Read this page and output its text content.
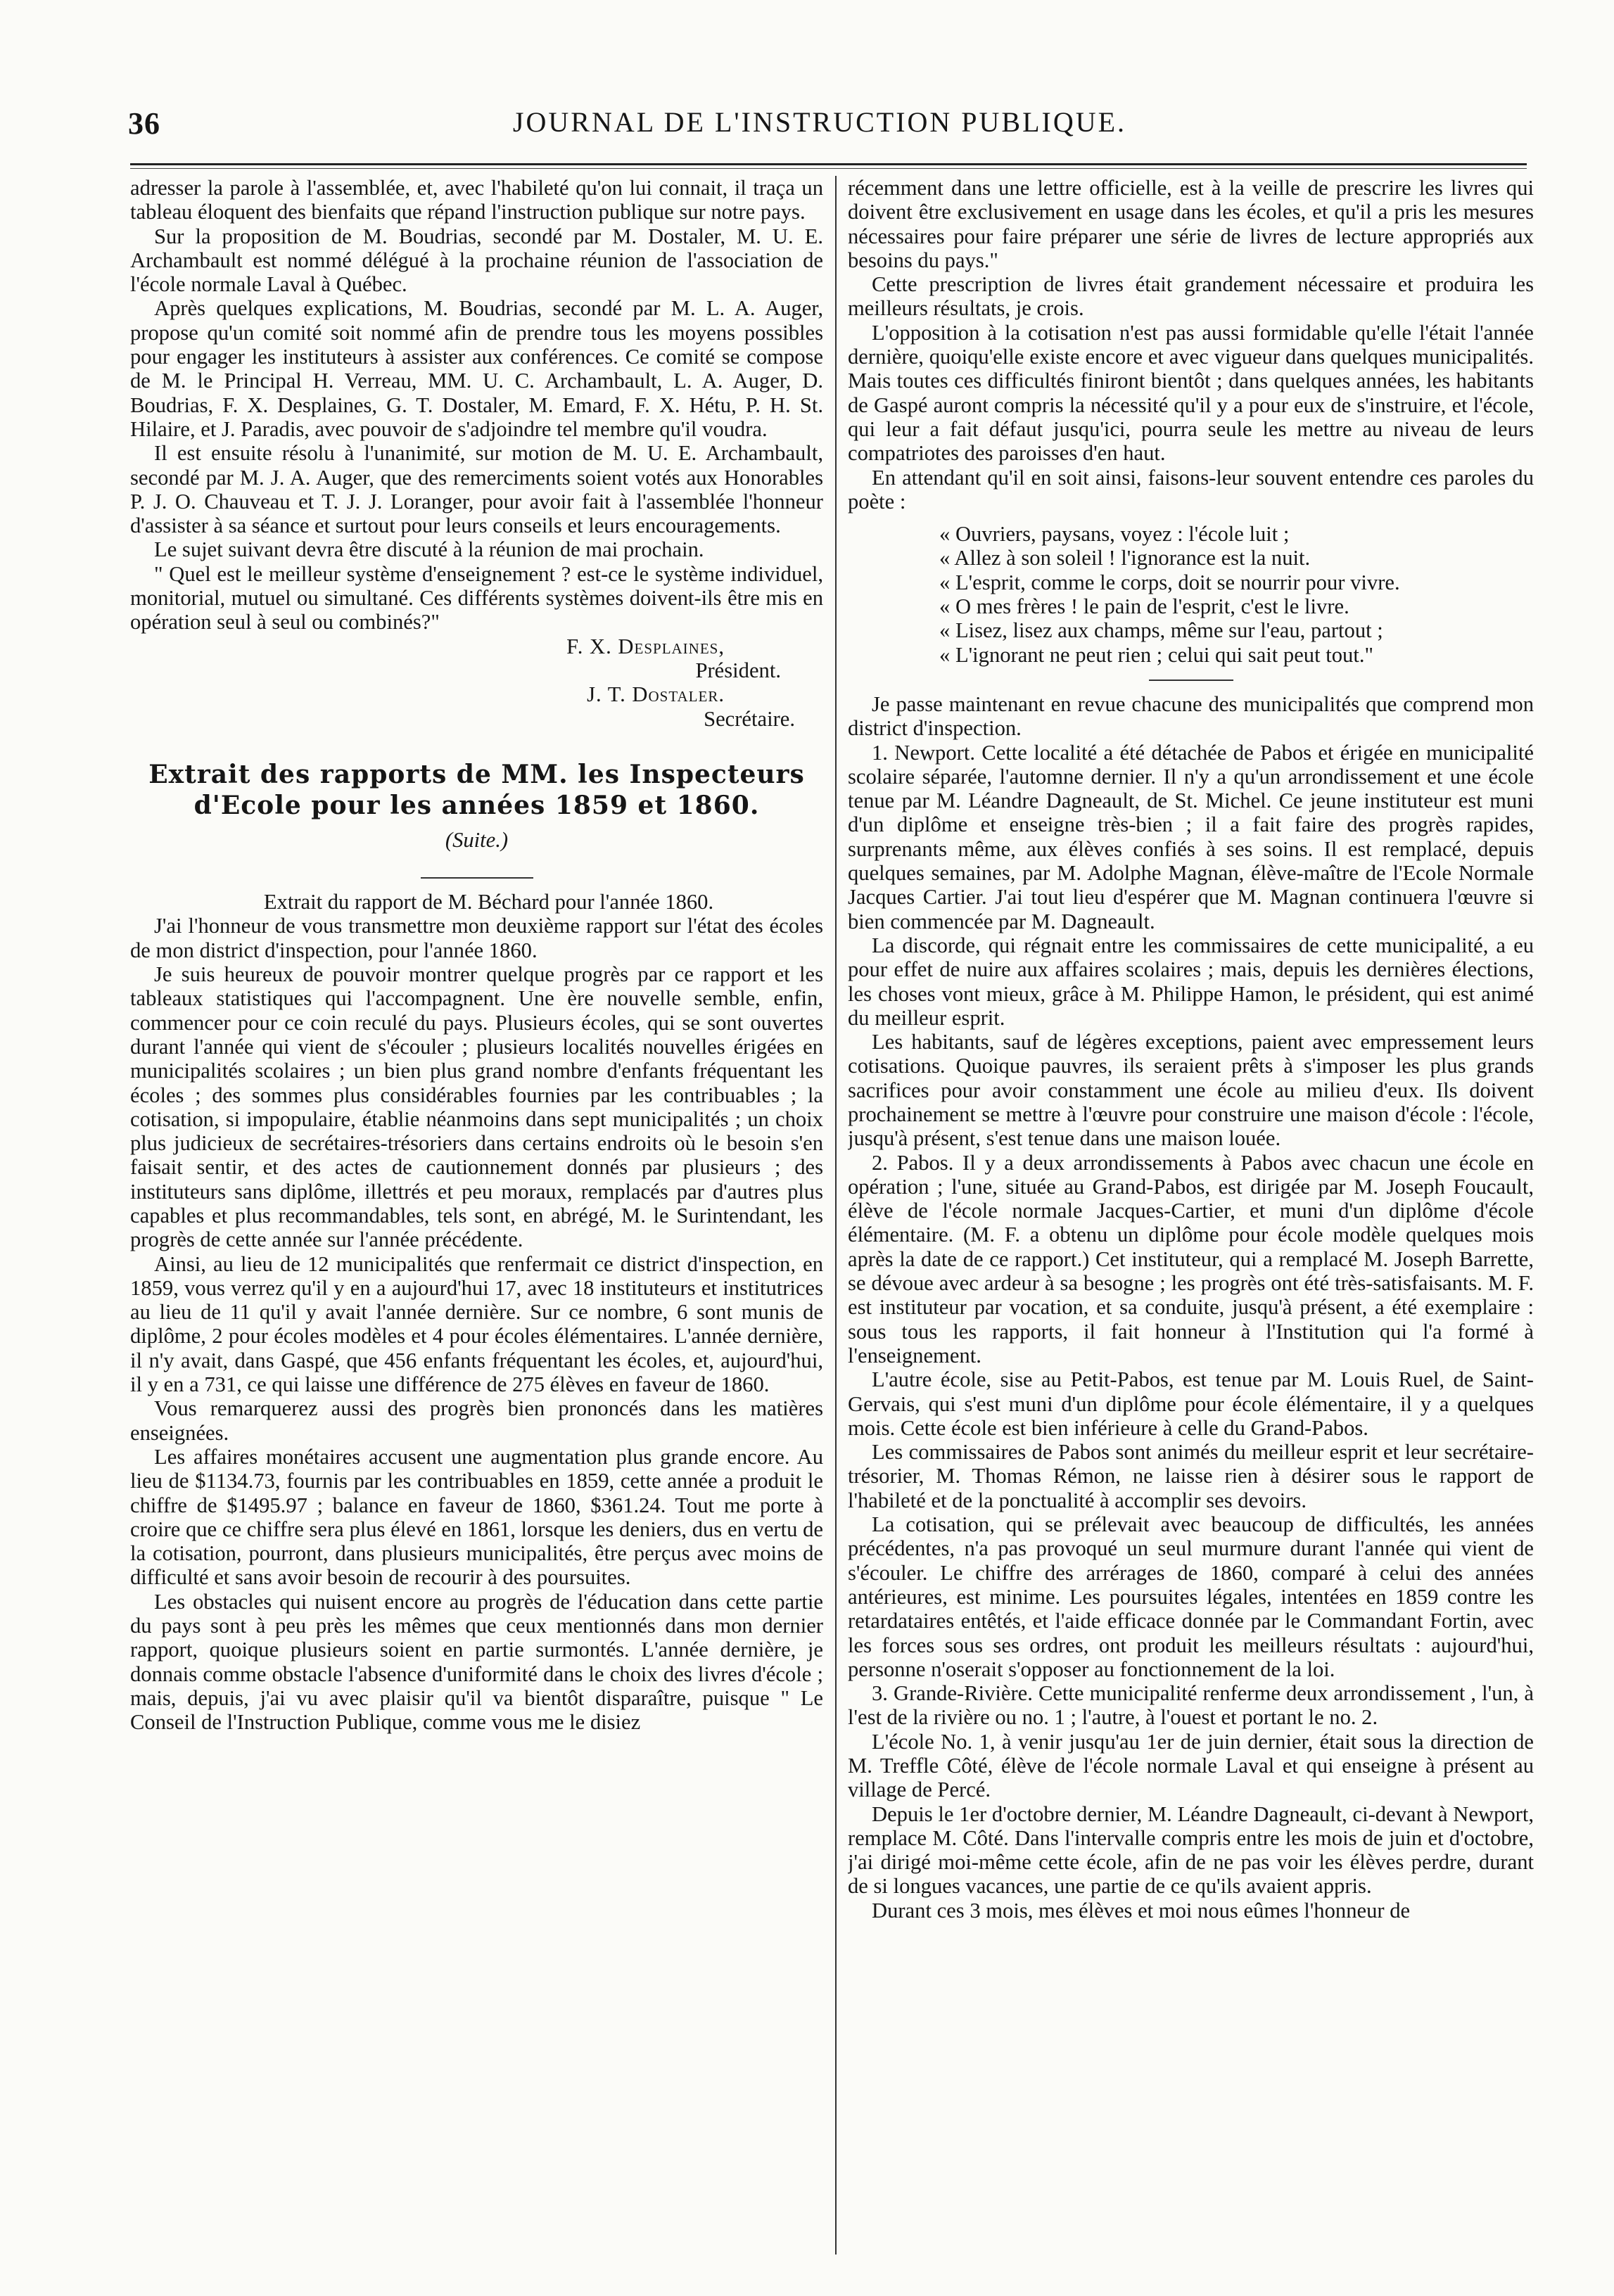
36	JOURNAL DE L'INSTRUCTION PUBLIQUE.

adresser la parole à l'assemblée, et, avec l'habileté qu'on lui connait, il traça un tableau éloquent des bienfaits que répand l'instruction publique sur notre pays.

Sur la proposition de M. Boudrias, secondé par M. Dostaler, M. U. E. Archambault est nommé délégué à la prochaine réunion de l'association de l'école normale Laval à Québec.

Après quelques explications, M. Boudrias, secondé par M. L. A. Auger, propose qu'un comité soit nommé afin de prendre tous les moyens possibles pour engager les instituteurs à assister aux conférences. Ce comité se compose de M. le Principal H. Verreau, MM. U. C. Archambault, L. A. Auger, D. Boudrias, F. X. Desplaines, G. T. Dostaler, M. Emard, F. X. Hétu, P. H. St. Hilaire, et J. Paradis, avec pouvoir de s'adjoindre tel membre qu'il voudra.

Il est ensuite résolu à l'unanimité, sur motion de M. U. E. Archambault, secondé par M. J. A. Auger, que des remerciments soient votés aux Honorables P. J. O. Chauveau et T. J. J. Loranger, pour avoir fait à l'assemblée l'honneur d'assister à sa séance et surtout pour leurs conseils et leurs encouragements.

Le sujet suivant devra être discuté à la réunion de mai prochain.

" Quel est le meilleur système d'enseignement ? est-ce le système individuel, monitorial, mutuel ou simultané. Ces différents systèmes doivent-ils être mis en opération seul à seul ou combinés?"

F. X. Desplaines,

Président.

J. T. Dostaler.

Secrétaire.

Extrait des rapports de MM. les Inspecteurs d'Ecole pour les années 1859 et 1860.
(Suite.)

Extrait du rapport de M. Béchard pour l'année 1860.

J'ai l'honneur de vous transmettre mon deuxième rapport sur l'état des écoles de mon district d'inspection, pour l'année 1860.

Je suis heureux de pouvoir montrer quelque progrès par ce rapport et les tableaux statistiques qui l'accompagnent. Une ère nouvelle semble, enfin, commencer pour ce coin reculé du pays. Plusieurs écoles, qui se sont ouvertes durant l'année qui vient de s'écouler ; plusieurs localités nouvelles érigées en municipalités scolaires ; un bien plus grand nombre d'enfants fréquentant les écoles ; des sommes plus considérables fournies par les contribuables ; la cotisation, si impopulaire, établie néanmoins dans sept municipalités ; un choix plus judicieux de secrétaires-trésoriers dans certains endroits où le besoin s'en faisait sentir, et des actes de cautionnement donnés par plusieurs ; des instituteurs sans diplôme, illettrés et peu moraux, remplacés par d'autres plus capables et plus recommandables, tels sont, en abrégé, M. le Surintendant, les progrès de cette année sur l'année précédente.

Ainsi, au lieu de 12 municipalités que renfermait ce district d'inspection, en 1859, vous verrez qu'il y en a aujourd'hui 17, avec 18 instituteurs et institutrices au lieu de 11 qu'il y avait l'année dernière. Sur ce nombre, 6 sont munis de diplôme, 2 pour écoles modèles et 4 pour écoles élémentaires. L'année dernière, il n'y avait, dans Gaspé, que 456 enfants fréquentant les écoles, et, aujourd'hui, il y en a 731, ce qui laisse une différence de 275 élèves en faveur de 1860.

Vous remarquerez aussi des progrès bien prononcés dans les matières enseignées.

Les affaires monétaires accusent une augmentation plus grande encore. Au lieu de $1134.73, fournis par les contribuables en 1859, cette année a produit le chiffre de $1495.97 ; balance en faveur de 1860, $361.24. Tout me porte à croire que ce chiffre sera plus élevé en 1861, lorsque les deniers, dus en vertu de la cotisation, pourront, dans plusieurs municipalités, être perçus avec moins de difficulté et sans avoir besoin de recourir à des poursuites.

Les obstacles qui nuisent encore au progrès de l'éducation dans cette partie du pays sont à peu près les mêmes que ceux mentionnés dans mon dernier rapport, quoique plusieurs soient en partie surmontés. L'année dernière, je donnais comme obstacle l'absence d'uniformité dans le choix des livres d'école ; mais, depuis, j'ai vu avec plaisir qu'il va bientôt disparaître, puisque " Le Conseil de l'Instruction Publique, comme vous me le disiez

récemment dans une lettre officielle, est à la veille de prescrire les livres qui doivent être exclusivement en usage dans les écoles, et qu'il a pris les mesures nécessaires pour faire préparer une série de livres de lecture appropriés aux besoins du pays."

Cette prescription de livres était grandement nécessaire et produira les meilleurs résultats, je crois.

L'opposition à la cotisation n'est pas aussi formidable qu'elle l'était l'année dernière, quoiqu'elle existe encore et avec vigueur dans quelques municipalités. Mais toutes ces difficultés finiront bientôt ; dans quelques années, les habitants de Gaspé auront compris la nécessité qu'il y a pour eux de s'instruire, et l'école, qui leur a fait défaut jusqu'ici, pourra seule les mettre au niveau de leurs compatriotes des paroisses d'en haut.

En attendant qu'il en soit ainsi, faisons-leur souvent entendre ces paroles du poète :

« Ouvriers, paysans, voyez : l'école luit ;
« Allez à son soleil ! l'ignorance est la nuit.
« L'esprit, comme le corps, doit se nourrir pour vivre.
« O mes frères ! le pain de l'esprit, c'est le livre.
« Lisez, lisez aux champs, même sur l'eau, partout ;
« L'ignorant ne peut rien ; celui qui sait peut tout."

Je passe maintenant en revue chacune des municipalités que comprend mon district d'inspection.

1. Newport. Cette localité a été détachée de Pabos et érigée en municipalité scolaire séparée, l'automne dernier. Il n'y a qu'un arrondissement et une école tenue par M. Léandre Dagneault, de St. Michel. Ce jeune instituteur est muni d'un diplôme et enseigne très-bien ; il a fait faire des progrès rapides, surprenants même, aux élèves confiés à ses soins. Il est remplacé, depuis quelques semaines, par M. Adolphe Magnan, élève-maître de l'Ecole Normale Jacques Cartier. J'ai tout lieu d'espérer que M. Magnan continuera l'œuvre si bien commencée par M. Dagneault.

La discorde, qui régnait entre les commissaires de cette municipalité, a eu pour effet de nuire aux affaires scolaires ; mais, depuis les dernières élections, les choses vont mieux, grâce à M. Philippe Hamon, le président, qui est animé du meilleur esprit.

Les habitants, sauf de légères exceptions, paient avec empressement leurs cotisations. Quoique pauvres, ils seraient prêts à s'imposer les plus grands sacrifices pour avoir constamment une école au milieu d'eux. Ils doivent prochainement se mettre à l'œuvre pour construire une maison d'école : l'école, jusqu'à présent, s'est tenue dans une maison louée.

2. Pabos. Il y a deux arrondissements à Pabos avec chacun une école en opération ; l'une, située au Grand-Pabos, est dirigée par M. Joseph Foucault, élève de l'école normale Jacques-Cartier, et muni d'un diplôme d'école élémentaire. (M. F. a obtenu un diplôme pour école modèle quelques mois après la date de ce rapport.) Cet instituteur, qui a remplacé M. Joseph Barrette, se dévoue avec ardeur à sa besogne ; les progrès ont été très-satisfaisants. M. F. est instituteur par vocation, et sa conduite, jusqu'à présent, a été exemplaire : sous tous les rapports, il fait honneur à l'Institution qui l'a formé à l'enseignement.

L'autre école, sise au Petit-Pabos, est tenue par M. Louis Ruel, de Saint-Gervais, qui s'est muni d'un diplôme pour école élémentaire, il y a quelques mois. Cette école est bien inférieure à celle du Grand-Pabos.

Les commissaires de Pabos sont animés du meilleur esprit et leur secrétaire-trésorier, M. Thomas Rémon, ne laisse rien à désirer sous le rapport de l'habileté et de la ponctualité à accomplir ses devoirs.

La cotisation, qui se prélevait avec beaucoup de difficultés, les années précédentes, n'a pas provoqué un seul murmure durant l'année qui vient de s'écouler. Le chiffre des arrérages de 1860, comparé à celui des années antérieures, est minime. Les poursuites légales, intentées en 1859 contre les retardataires entêtés, et l'aide efficace donnée par le Commandant Fortin, avec les forces sous ses ordres, ont produit les meilleurs résultats : aujourd'hui, personne n'oserait s'opposer au fonctionnement de la loi.

3. Grande-Rivière. Cette municipalité renferme deux arrondissement , l'un, à l'est de la rivière ou no. 1 ; l'autre, à l'ouest et portant le no. 2.

L'école No. 1, à venir jusqu'au 1er de juin dernier, était sous la direction de M. Treffle Côté, élève de l'école normale Laval et qui enseigne à présent au village de Percé.

Depuis le 1er d'octobre dernier, M. Léandre Dagneault, ci-devant à Newport, remplace M. Côté. Dans l'intervalle compris entre les mois de juin et d'octobre, j'ai dirigé moi-même cette école, afin de ne pas voir les élèves perdre, durant de si longues vacances, une partie de ce qu'ils avaient appris.

Durant ces 3 mois, mes élèves et moi nous eûmes l'honneur de
